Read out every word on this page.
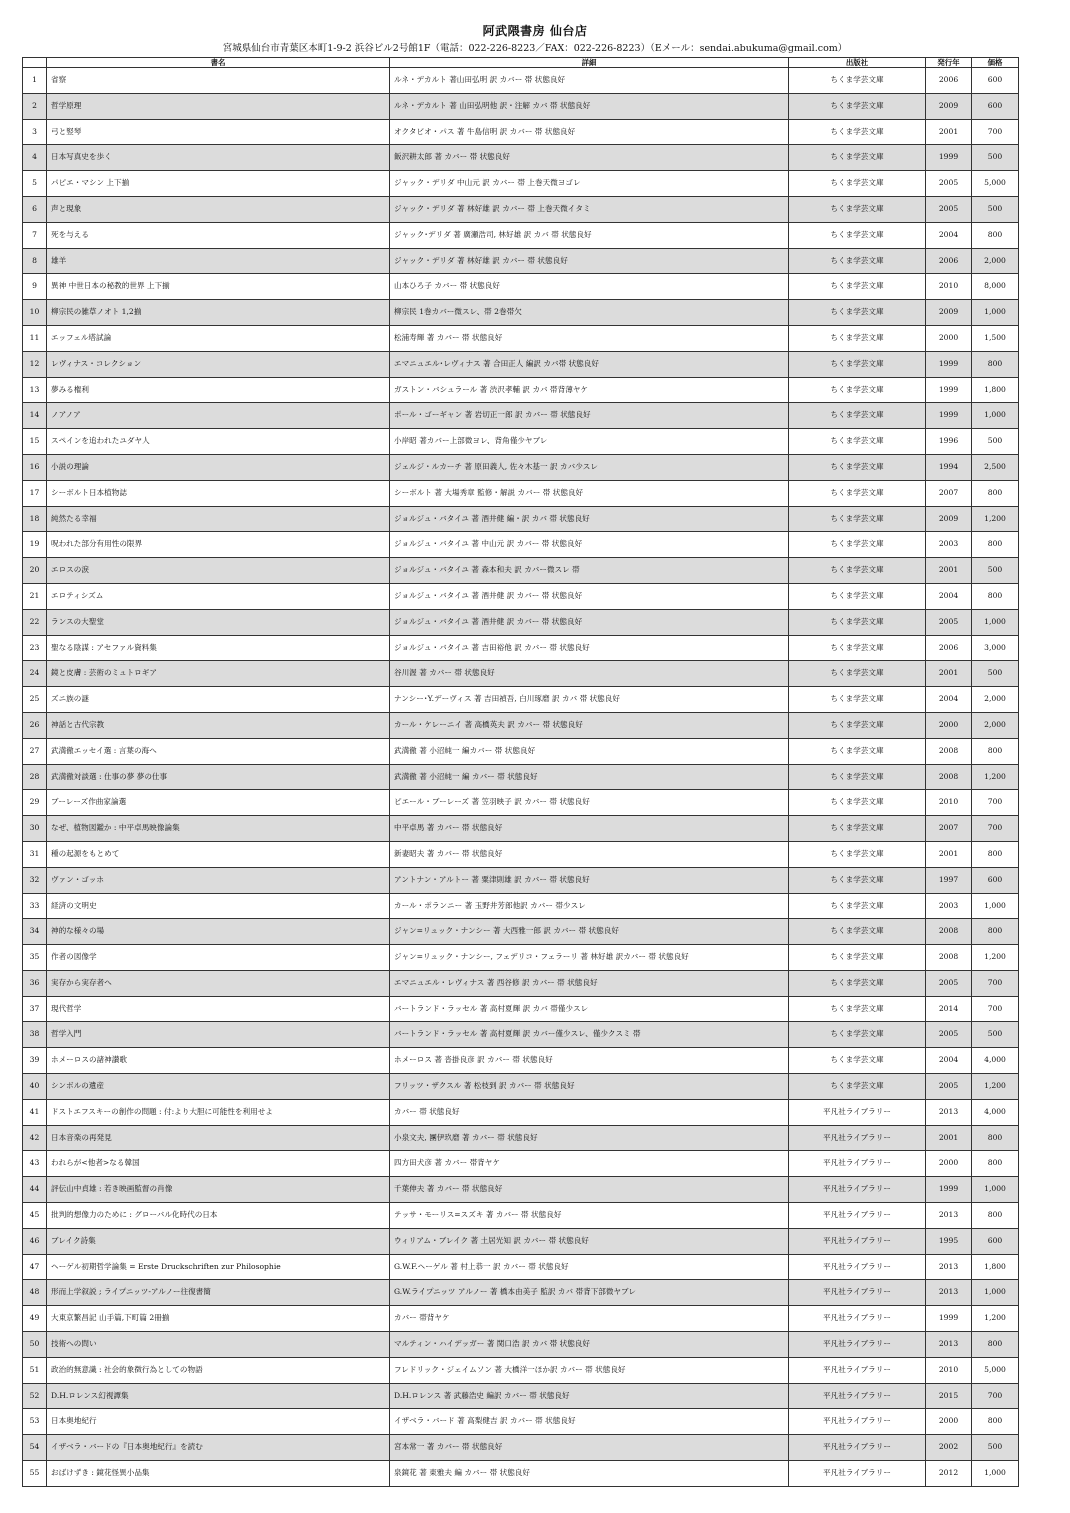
阿武隈書房 仙台店
宮城県仙台市青葉区本町1-9-2 浜谷ビル2号館1F（電話：022-226-8223／FAX：022-226-8223）（Eメール：sendai.abukuma@gmail.com）
	書名	詳細	出版社	発行年	価格
1	省察	ルネ・デカルト 著山田弘明 訳 カバー 帯 状態良好	ちくま学芸文庫	2006	600
2	哲学原理	ルネ・デカルト 著 山田弘明他 訳・注解 カバ 帯 状態良好	ちくま学芸文庫	2009	600
3	弓と竪琴	オクタビオ・パス 著 牛島信明 訳 カバー 帯 状態良好	ちくま学芸文庫	2001	700
4	日本写真史を歩く	飯沢耕太郎 著 カバー 帯 状態良好	ちくま学芸文庫	1999	500
5	パピエ・マシン 上下揃	ジャック・デリダ 中山元 訳 カバー 帯 上巻天微ヨゴレ	ちくま学芸文庫	2005	5,000
6	声と現象	ジャック・デリダ 著 林好雄 訳 カバー 帯 上巻天微イタミ	ちくま学芸文庫	2005	500
7	死を与える	ジャック･デリダ 著 廣瀬浩司, 林好雄 訳 カバ 帯 状態良好	ちくま学芸文庫	2004	800
8	雄羊	ジャック・デリダ 著 林好雄 訳 カバー 帯 状態良好	ちくま学芸文庫	2006	2,000
9	異神 中世日本の秘教的世界 上下揃	山本ひろ子 カバー 帯 状態良好	ちくま学芸文庫	2010	8,000
10	柳宗民の雑草ノオト 1,2揃	柳宗民 1巻カバー微スレ、帯 2巻帯欠	ちくま学芸文庫	2009	1,000
11	エッフェル塔試論	松浦寿輝 著 カバー 帯 状態良好	ちくま学芸文庫	2000	1,500
12	レヴィナス・コレクション	エマニュエル･レヴィナス 著 合田正人 編訳 カバ帯 状態良好	ちくま学芸文庫	1999	800
13	夢みる権利	ガストン・バシュラール 著 渋沢孝輔 訳 カバ 帯背薄ヤケ	ちくま学芸文庫	1999	1,800
14	ノアノア	ポール・ゴーギャン 著 岩切正一郎 訳 カバー 帯 状態良好	ちくま学芸文庫	1999	1,000
15	スペインを追われたユダヤ人	小岸昭 著カバー上部微ヨレ、背角僅少ヤブレ	ちくま学芸文庫	1996	500
16	小説の理論	ジェルジ・ルカーチ 著 原田義人, 佐々木基一 訳 カバ少スレ	ちくま学芸文庫	1994	2,500
17	シーボルト日本植物誌	シーボルト 著 大場秀章 監修・解説 カバー 帯 状態良好	ちくま学芸文庫	2007	800
18	純然たる幸福	ジョルジュ・バタイユ 著 酒井健 編・訳 カバ 帯 状態良好	ちくま学芸文庫	2009	1,200
19	呪われた部分有用性の限界	ジョルジュ・バタイユ 著 中山元 訳 カバー 帯 状態良好	ちくま学芸文庫	2003	800
20	エロスの涙	ジョルジュ・バタイユ 著 森本和夫 訳 カバー微スレ 帯	ちくま学芸文庫	2001	500
21	エロティシズム	ジョルジュ・バタイユ 著 酒井健 訳 カバー 帯 状態良好	ちくま学芸文庫	2004	800
22	ランスの大聖堂	ジョルジュ・バタイユ 著 酒井健 訳 カバー 帯 状態良好	ちくま学芸文庫	2005	1,000
23	聖なる陰謀 : アセファル資料集	ジョルジュ・バタイユ 著 吉田裕他 訳 カバー 帯 状態良好	ちくま学芸文庫	2006	3,000
24	鏡と皮膚 : 芸術のミュトロギア	谷川渥 著 カバー 帯 状態良好	ちくま学芸文庫	2001	500
25	ズニ族の謎	ナンシー･Y.デーヴィス 著 吉田禎吾, 白川琢磨 訳 カバ 帯 状態良好	ちくま学芸文庫	2004	2,000
26	神話と古代宗教	カール・ケレーニイ 著 高橋英夫 訳 カバー 帯 状態良好	ちくま学芸文庫	2000	2,000
27	武満徹エッセイ選 : 言葉の海へ	武満徹 著 小沼純一 編カバー 帯 状態良好	ちくま学芸文庫	2008	800
28	武満徹対談選 : 仕事の夢 夢の仕事	武満徹 著 小沼純一 編 カバー 帯 状態良好	ちくま学芸文庫	2008	1,200
29	ブーレーズ作曲家論選	ピエール・ブーレーズ 著 笠羽映子 訳 カバー 帯 状態良好	ちくま学芸文庫	2010	700
30	なぜ、植物図鑑か : 中平卓馬映像論集	中平卓馬 著 カバー 帯 状態良好	ちくま学芸文庫	2007	700
31	種の起源をもとめて	新妻昭夫 著 カバー 帯 状態良好	ちくま学芸文庫	2001	800
32	ヴァン・ゴッホ	アントナン・アルトー 著 粟津則雄 訳 カバー 帯 状態良好	ちくま学芸文庫	1997	600
33	経済の文明史	カール・ポランニー 著 玉野井芳郎他訳 カバー 帯少スレ	ちくま学芸文庫	2003	1,000
34	神的な様々の場	ジャン=リュック・ナンシー 著 大西雅一郎 訳 カバー 帯 状態良好	ちくま学芸文庫	2008	800
35	作者の図像学	ジャン=リュック・ナンシー, フェデリコ・フェラーリ 著 林好雄 訳カバー 帯 状態良好	ちくま学芸文庫	2008	1,200
36	実存から実存者へ	エマニュエル・レヴィナス 著 西谷修 訳 カバー 帯 状態良好	ちくま学芸文庫	2005	700
37	現代哲学	バートランド・ラッセル 著 高村夏輝 訳 カバ 帯僅少スレ	ちくま学芸文庫	2014	700
38	哲学入門	バートランド・ラッセル 著 高村夏輝 訳 カバー僅少スレ、僅少クスミ 帯	ちくま学芸文庫	2005	500
39	ホメーロスの諸神讃歌	ホメーロス 著 沓掛良彦 訳 カバー 帯 状態良好	ちくま学芸文庫	2004	4,000
40	シンボルの遺産	フリッツ・ザクスル 著 松枝到 訳 カバー 帯 状態良好	ちくま学芸文庫	2005	1,200
41	ドストエフスキーの創作の問題 : 付:より大胆に可能性を利用せよ	カバー 帯 状態良好	平凡社ライブラリー	2013	4,000
42	日本音楽の再発見	小泉文夫, 團伊玖磨 著 カバー 帯 状態良好	平凡社ライブラリー	2001	800
43	われらが<他者>なる韓国	四方田犬彦 著 カバー 帯背ヤケ	平凡社ライブラリー	2000	800
44	評伝山中貞雄 : 若き映画監督の肖像	千葉伸夫 著 カバー 帯 状態良好	平凡社ライブラリー	1999	1,000
45	批判的想像力のために : グローバル化時代の日本	テッサ・モーリス=スズキ 著 カバー 帯 状態良好	平凡社ライブラリー	2013	800
46	ブレイク詩集	ウィリアム・ブレイク 著 土居光知 訳 カバー 帯 状態良好	平凡社ライブラリー	1995	600
47	ヘーゲル初期哲学論集 = Erste Druckschriften zur Philosophie	G.W.F.ヘーゲル 著 村上恭一 訳 カバー 帯 状態良好	平凡社ライブラリー	2013	1,800
48	形而上学叙説 ; ライプニッツ-アルノー往復書簡	G.W.ライプニッツ アルノー 著 橋本由美子 監訳 カバ 帯背下部微ヤブレ	平凡社ライブラリー	2013	1,000
49	大東京繁昌記 山手篇,下町篇 2冊揃	カバー 帯背ヤケ	平凡社ライブラリー	1999	1,200
50	技術への問い	マルティン・ハイデッガー 著 関口浩 訳 カバ 帯 状態良好	平凡社ライブラリー	2013	800
51	政治的無意識 : 社会的象徴行為としての物語	フレドリック・ジェイムソン 著 大橋洋一ほか訳 カバー 帯 状態良好	平凡社ライブラリー	2010	5,000
52	D.H.ロレンス幻視譚集	D.H.ロレンス 著 武藤浩史 編訳 カバー 帯 状態良好	平凡社ライブラリー	2015	700
53	日本奥地紀行	イザベラ・バード 著 高梨健吉 訳 カバー 帯 状態良好	平凡社ライブラリー	2000	800
54	イザベラ・バードの『日本奥地紀行』を読む	宮本常一 著 カバー 帯 状態良好	平凡社ライブラリー	2002	500
55	おばけずき : 鏡花怪異小品集	泉鏡花 著 東雅夫 編 カバー 帯 状態良好	平凡社ライブラリー	2012	1,000
